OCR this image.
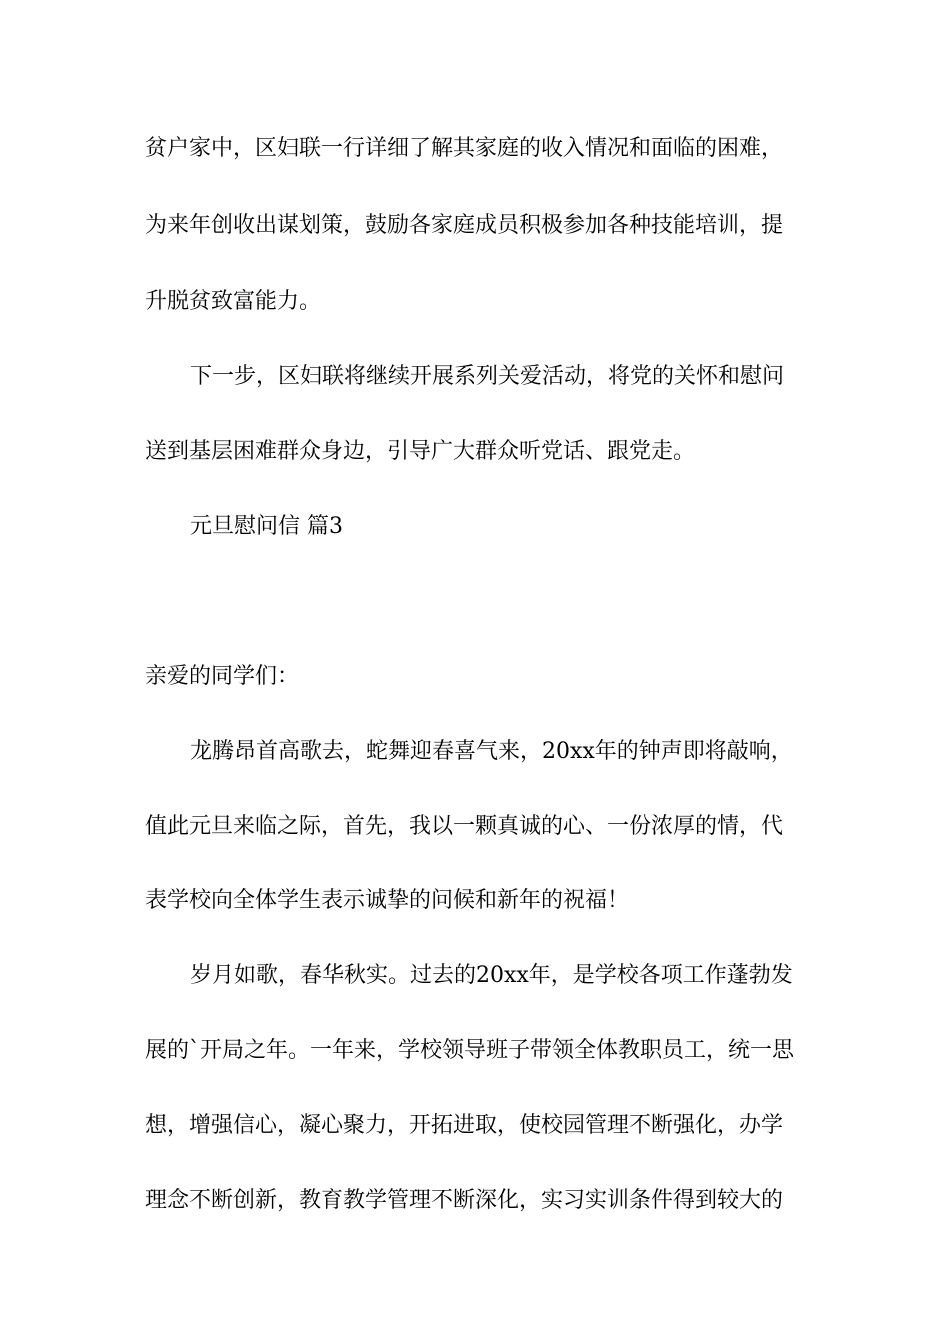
贫户家中，区妇联一行详细了解其家庭的收入情况和面临的困难，
为来年创收出谋划策，鼓励各家庭成员积极参加各种技能培训，提
升脱贫致富能力。
下一步，区妇联将继续开展系列关爱活动，将党的关怀和慰问
送到基层困难群众身边，引导广大群众听党话、跟党走。
元旦慰问信 篇3
亲爱的同学们：
龙腾昂首高歌去，蛇舞迎春喜气来，20xx年的钟声即将敲响，
值此元旦来临之际，首先，我以一颗真诚的心、一份浓厚的情，代
表学校向全体学生表示诚挚的问候和新年的祝福！
岁月如歌，春华秋实。过去的20xx年，是学校各项工作蓬勃发
展的`开局之年。一年来，学校领导班子带领全体教职员工，统一思
想，增强信心，凝心聚力，开拓进取，使校园管理不断强化，办学
理念不断创新，教育教学管理不断深化，实习实训条件得到较大的
